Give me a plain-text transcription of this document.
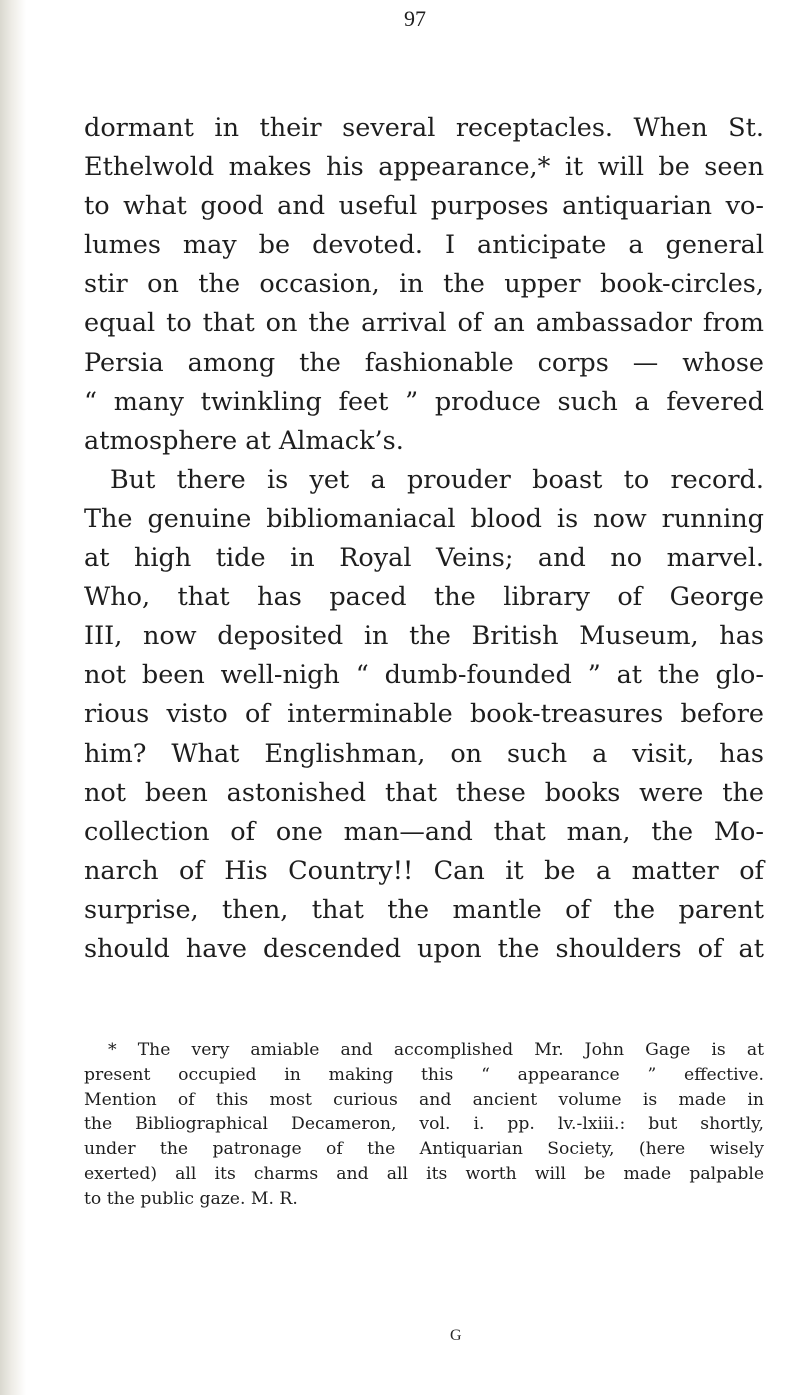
97
dormant in their several receptacles. When St.
Ethelwold makes his appearance,* it will be seen
to what good and useful purposes antiquarian vo-
lumes may be devoted. I anticipate a general
stir on the occasion, in the upper book-circles,
equal to that on the arrival of an ambassador from
Persia among the fashionable corps — whose
“ many twinkling feet ” produce such a fevered
atmosphere at Almack’s.
But there is yet a prouder boast to record.
The genuine bibliomaniacal blood is now running
at high tide in Royal Veins; and no marvel.
Who, that has paced the library of George
III, now deposited in the British Museum, has
not been well-nigh “ dumb-founded ” at the glo-
rious visto of interminable book-treasures before
him? What Englishman, on such a visit, has
not been astonished that these books were the
collection of one man—and that man, the Mo-
narch of His Country!! Can it be a matter of
surprise, then, that the mantle of the parent
should have descended upon the shoulders of at
* The very amiable and accomplished Mr. John Gage is at
present occupied in making this “ appearance ” effective.
Mention of this most curious and ancient volume is made in
the Bibliographical Decameron, vol. i. pp. lv.-lxiii.: but shortly,
under the patronage of the Antiquarian Society, (here wisely
exerted) all its charms and all its worth will be made palpable
to the public gaze. M. R.
G
